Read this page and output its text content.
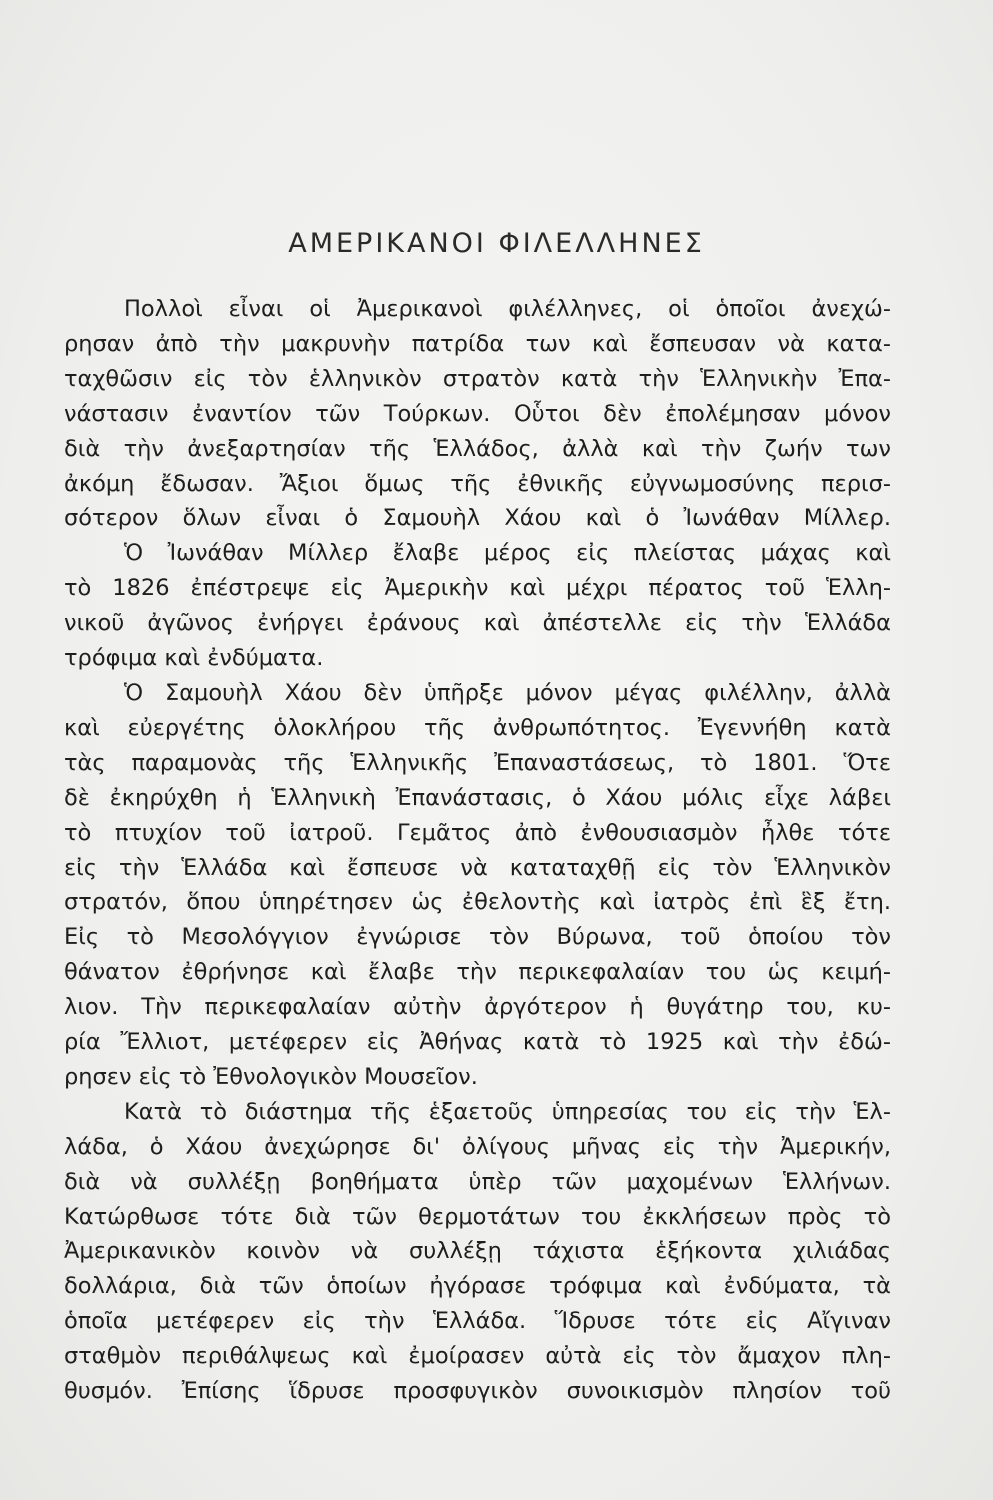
ΑΜΕΡΙΚΑΝΟΙ ΦΙΛΕΛΛΗΝΕΣ

Πολλοὶ εἶναι οἱ Ἀμερικανοὶ φιλέλληνες, οἱ ὁποῖοι ἀνεχώ-
ρησαν ἀπὸ τὴν μακρυνὴν πατρίδα των καὶ ἔσπευσαν νὰ κατα-
ταχθῶσιν εἰς τὸν ἑλληνικὸν στρατὸν κατὰ τὴν Ἑλληνικὴν Ἐπα-
νάστασιν ἐναντίον τῶν Τούρκων. Οὗτοι δὲν ἐπολέμησαν μόνον
διὰ τὴν ἀνεξαρτησίαν τῆς Ἑλλάδος, ἀλλὰ καὶ τὴν ζωήν των
ἀκόμη ἔδωσαν. Ἄξιοι ὅμως τῆς ἐθνικῆς εὐγνωμοσύνης περισ-
σότερον ὅλων εἶναι ὁ Σαμουὴλ Χάου καὶ ὁ Ἰωνάθαν Μίλλερ.

Ὁ Ἰωνάθαν Μίλλερ ἔλαβε μέρος εἰς πλείστας μάχας καὶ
τὸ 1826 ἐπέστρεψε εἰς Ἀμερικὴν καὶ μέχρι πέρατος τοῦ Ἑλλη-
νικοῦ ἀγῶνος ἐνήργει ἐράνους καὶ ἀπέστελλε εἰς τὴν Ἑλλάδα
τρόφιμα καὶ ἐνδύματα.

Ὁ Σαμουὴλ Χάου δὲν ὑπῆρξε μόνον μέγας φιλέλλην, ἀλλὰ
καὶ εὐεργέτης ὁλοκλήρου τῆς ἀνθρωπότητος. Ἐγεννήθη κατὰ
τὰς παραμονὰς τῆς Ἑλληνικῆς Ἐπαναστάσεως, τὸ 1801. Ὅτε
δὲ ἐκηρύχθη ἡ Ἑλληνικὴ Ἐπανάστασις, ὁ Χάου μόλις εἶχε λάβει
τὸ πτυχίον τοῦ ἰατροῦ. Γεμᾶτος ἀπὸ ἐνθουσιασμὸν ἦλθε τότε
εἰς τὴν Ἑλλάδα καὶ ἔσπευσε νὰ καταταχθῇ εἰς τὸν Ἑλληνικὸν
στρατόν, ὅπου ὑπηρέτησεν ὡς ἐθελοντὴς καὶ ἰατρὸς ἐπὶ ἓξ ἔτη.
Εἰς τὸ Μεσολόγγιον ἐγνώρισε τὸν Βύρωνα, τοῦ ὁποίου τὸν
θάνατον ἐθρήνησε καὶ ἔλαβε τὴν περικεφαλαίαν του ὡς κειμή-
λιον. Τὴν περικεφαλαίαν αὐτὴν ἀργότερον ἡ θυγάτηρ του, κυ-
ρία Ἔλλιοτ, μετέφερεν εἰς Ἀθήνας κατὰ τὸ 1925 καὶ τὴν ἐδώ-
ρησεν εἰς τὸ Ἐθνολογικὸν Μουσεῖον.

Κατὰ τὸ διάστημα τῆς ἑξαετοῦς ὑπηρεσίας του εἰς τὴν Ἑλ-
λάδα, ὁ Χάου ἀνεχώρησε δι' ὀλίγους μῆνας εἰς τὴν Ἀμερικήν,
διὰ νὰ συλλέξῃ βοηθήματα ὑπὲρ τῶν μαχομένων Ἑλλήνων.
Κατώρθωσε τότε διὰ τῶν θερμοτάτων του ἐκκλήσεων πρὸς τὸ
Ἀμερικανικὸν κοινὸν νὰ συλλέξῃ τάχιστα ἑξήκοντα χιλιάδας
δολλάρια, διὰ τῶν ὁποίων ἠγόρασε τρόφιμα καὶ ἐνδύματα, τὰ
ὁποῖα μετέφερεν εἰς τὴν Ἑλλάδα. Ἵδρυσε τότε εἰς Αἴγιναν
σταθμὸν περιθάλψεως καὶ ἐμοίρασεν αὐτὰ εἰς τὸν ἄμαχον πλη-
θυσμόν. Ἐπίσης ἵδρυσε προσφυγικὸν συνοικισμὸν πλησίον τοῦ
